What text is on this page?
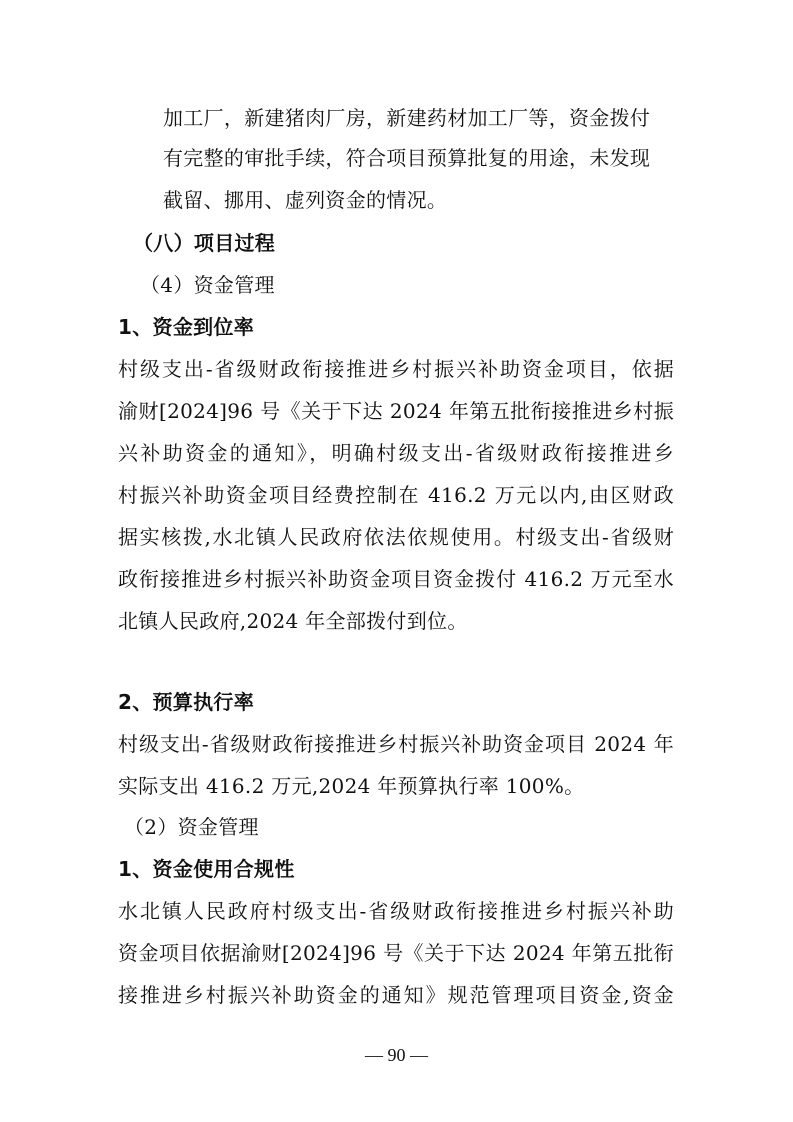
加工厂，新建猪肉厂房，新建药材加工厂等，资金拨付
有完整的审批手续，符合项目预算批复的用途，未发现
截留、挪用、虚列资金的情况。
（八）项目过程
（4）资金管理
1、资金到位率
村级支出-省级财政衔接推进乡村振兴补助资金项目，依据
渝财[2024]96 号《关于下达 2024 年第五批衔接推进乡村振
兴补助资金的通知》，明确村级支出-省级财政衔接推进乡
村振兴补助资金项目经费控制在 416.2 万元以内,由区财政
据实核拨,水北镇人民政府依法依规使用。村级支出-省级财
政衔接推进乡村振兴补助资金项目资金拨付 416.2 万元至水
北镇人民政府,2024 年全部拨付到位。
2、预算执行率
村级支出-省级财政衔接推进乡村振兴补助资金项目 2024 年
实际支出 416.2 万元,2024 年预算执行率 100%。
（2）资金管理
1、资金使用合规性
水北镇人民政府村级支出-省级财政衔接推进乡村振兴补助
资金项目依据渝财[2024]96 号《关于下达 2024 年第五批衔
接推进乡村振兴补助资金的通知》规范管理项目资金,资金
— 90 —
